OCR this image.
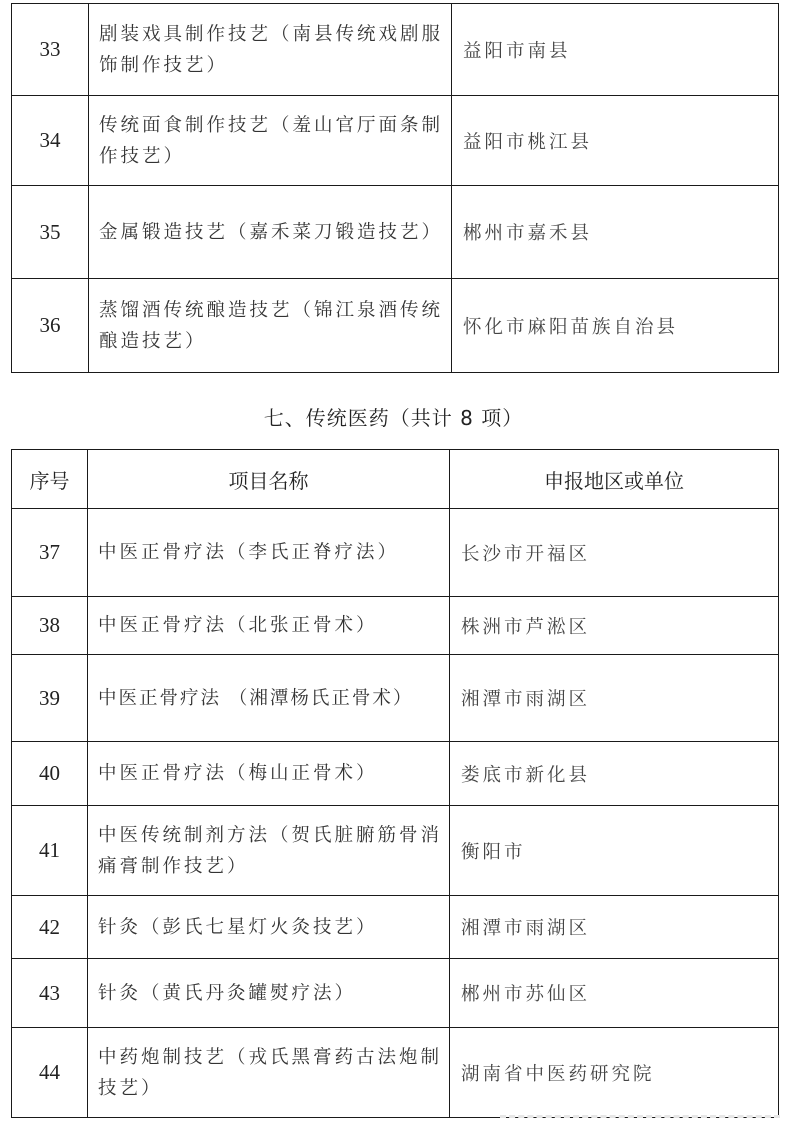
33	剧装戏具制作技艺（南县传统戏剧服饰制作技艺）	益阳市南县
34	传统面食制作技艺（羞山官厅面条制作技艺）	益阳市桃江县
35	金属锻造技艺（嘉禾菜刀锻造技艺）	郴州市嘉禾县
36	蒸馏酒传统酿造技艺（锦江泉酒传统酿造技艺）	怀化市麻阳苗族自治县
七、传统医药（共计 8 项）
序号	项目名称	申报地区或单位
37	中医正骨疗法（李氏正脊疗法）	长沙市开福区
38	中医正骨疗法（北张正骨术）	株洲市芦淞区
39	中医正骨疗法 （湘潭杨氏正骨术）	湘潭市雨湖区
40	中医正骨疗法（梅山正骨术）	娄底市新化县
41	中医传统制剂方法（贺氏脏腑筋骨消痛膏制作技艺）	衡阳市
42	针灸（彭氏七星灯火灸技艺）	湘潭市雨湖区
43	针灸（黄氏丹灸罐熨疗法）	郴州市苏仙区
44	中药炮制技艺（戎氏黑膏药古法炮制技艺）	湖南省中医药研究院
